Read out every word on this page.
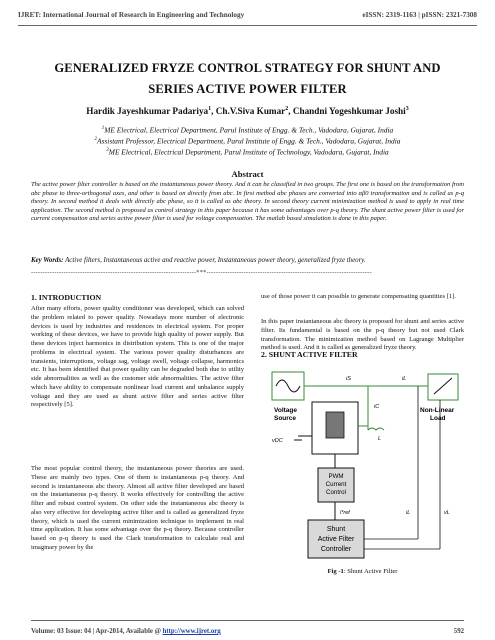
IJRET: International Journal of Research in Engineering and Technology	eISSN: 2319-1163 | pISSN: 2321-7308
GENERALIZED FRYZE CONTROL STRATEGY FOR SHUNT AND
SERIES ACTIVE POWER FILTER
Hardik Jayeshkumar Padariya$^1$, Ch.V.Siva Kumar$^2$, Chandni Yogeshkumar Joshi$^3$
$^1$ME Electrical, Electrical Department, Parul Institute of Engg. & Tech., Vadodara, Gujarat, India
$^2$Assistant Professor, Electrical Department, Parul Institute of Engg. & Tech., Vadodara, Gujarat, India
$^3$ME Electrical, Electrical Department, Parul Institute of Technology, Vadodara, Gujarat, India
Abstract
The active power filter controller is based on the instantaneous power theory. And it can be classified in two groups. The first one is based on the transformation from abc phase to three-orthogonal axes, and other is based on directly from abc. In first method abc phases are converted into αβ0 transformation and is called as p-q theory. In second method it deals with directly abc phase, so it is called as abc theory. In second theory current minimization method is used to apply in real time application. The second method is proposed as control strategy in this paper because it has some advantages over p-q theory. The shunt active power filter is used for current compensation and series active power filter is used for voltage compensation. The matlab based simulation is done in this paper.
Key Words: Active filters, Instantaneous active and reactive power, Instantaneous power theory, generalized fryze theory.
-----------------------------------------------------------------------***-----------------------------------------------------------------------
1. INTRODUCTION
After many efforts, power quality conditioner was developed, which can solved the problem related to power quality. Nowadays more number of electronic devices is used by industries and residences in electrical system. For proper working of these devices, we have to provide high quality of power supply. But these devices inject harmonics in distribution system. This is one of the major problems in electrical system. The various power quality disturbances are transients, interruptions, voltage sag, voltage swell, voltage collapse, harmonics etc. It has been identified that power quality can be degraded both due to utility side abnormalities as well as the customer side abnormalities. The active filter which have ability to compensate nonlinear load current and unbalance supply voltage and they are used as shunt active filter and series active filter respectively [5].
The most popular control theory, the instantaneous power theories are used. These are mainly two types. One of them is instantaneous p-q theory. And second is instantaneous abc theory. Almost all active filter developed are based on the instantaneous p-q theory. It works effectively for controlling the active filter and robust control system. On other side the instantaneous abc theory is also very effective for developing active filter and is called as generalized fryze theory, which is used the current minimization technique to implement in real time application. It has some advantage over the p-q theory. Because controller based on p-q theory is used the Clark transformation to calculate real and imaginary power by the
use of those power it can possible to generate compensating quantities [1].
In this paper instantaneous abc theory is proposed for shunt and series active filter. Its fundamental is based on the p-q theory but not used Clark transformation. The minimization method based on Lagrange Multiplier method is used. And it is called as generalized fryze theory.
2. SHUNT ACTIVE FILTER
Voltage
Source
iS	iL
Non-Linear
Load
iC
L
vDC
PWM
Current
Control
i*ref
Shunt
Active Filter
Controller
iL	vL
Fig -1: Shunt Active Filter
Volume: 03 Issue: 04 | Apr-2014, Available @ http://www.ijret.org	592
